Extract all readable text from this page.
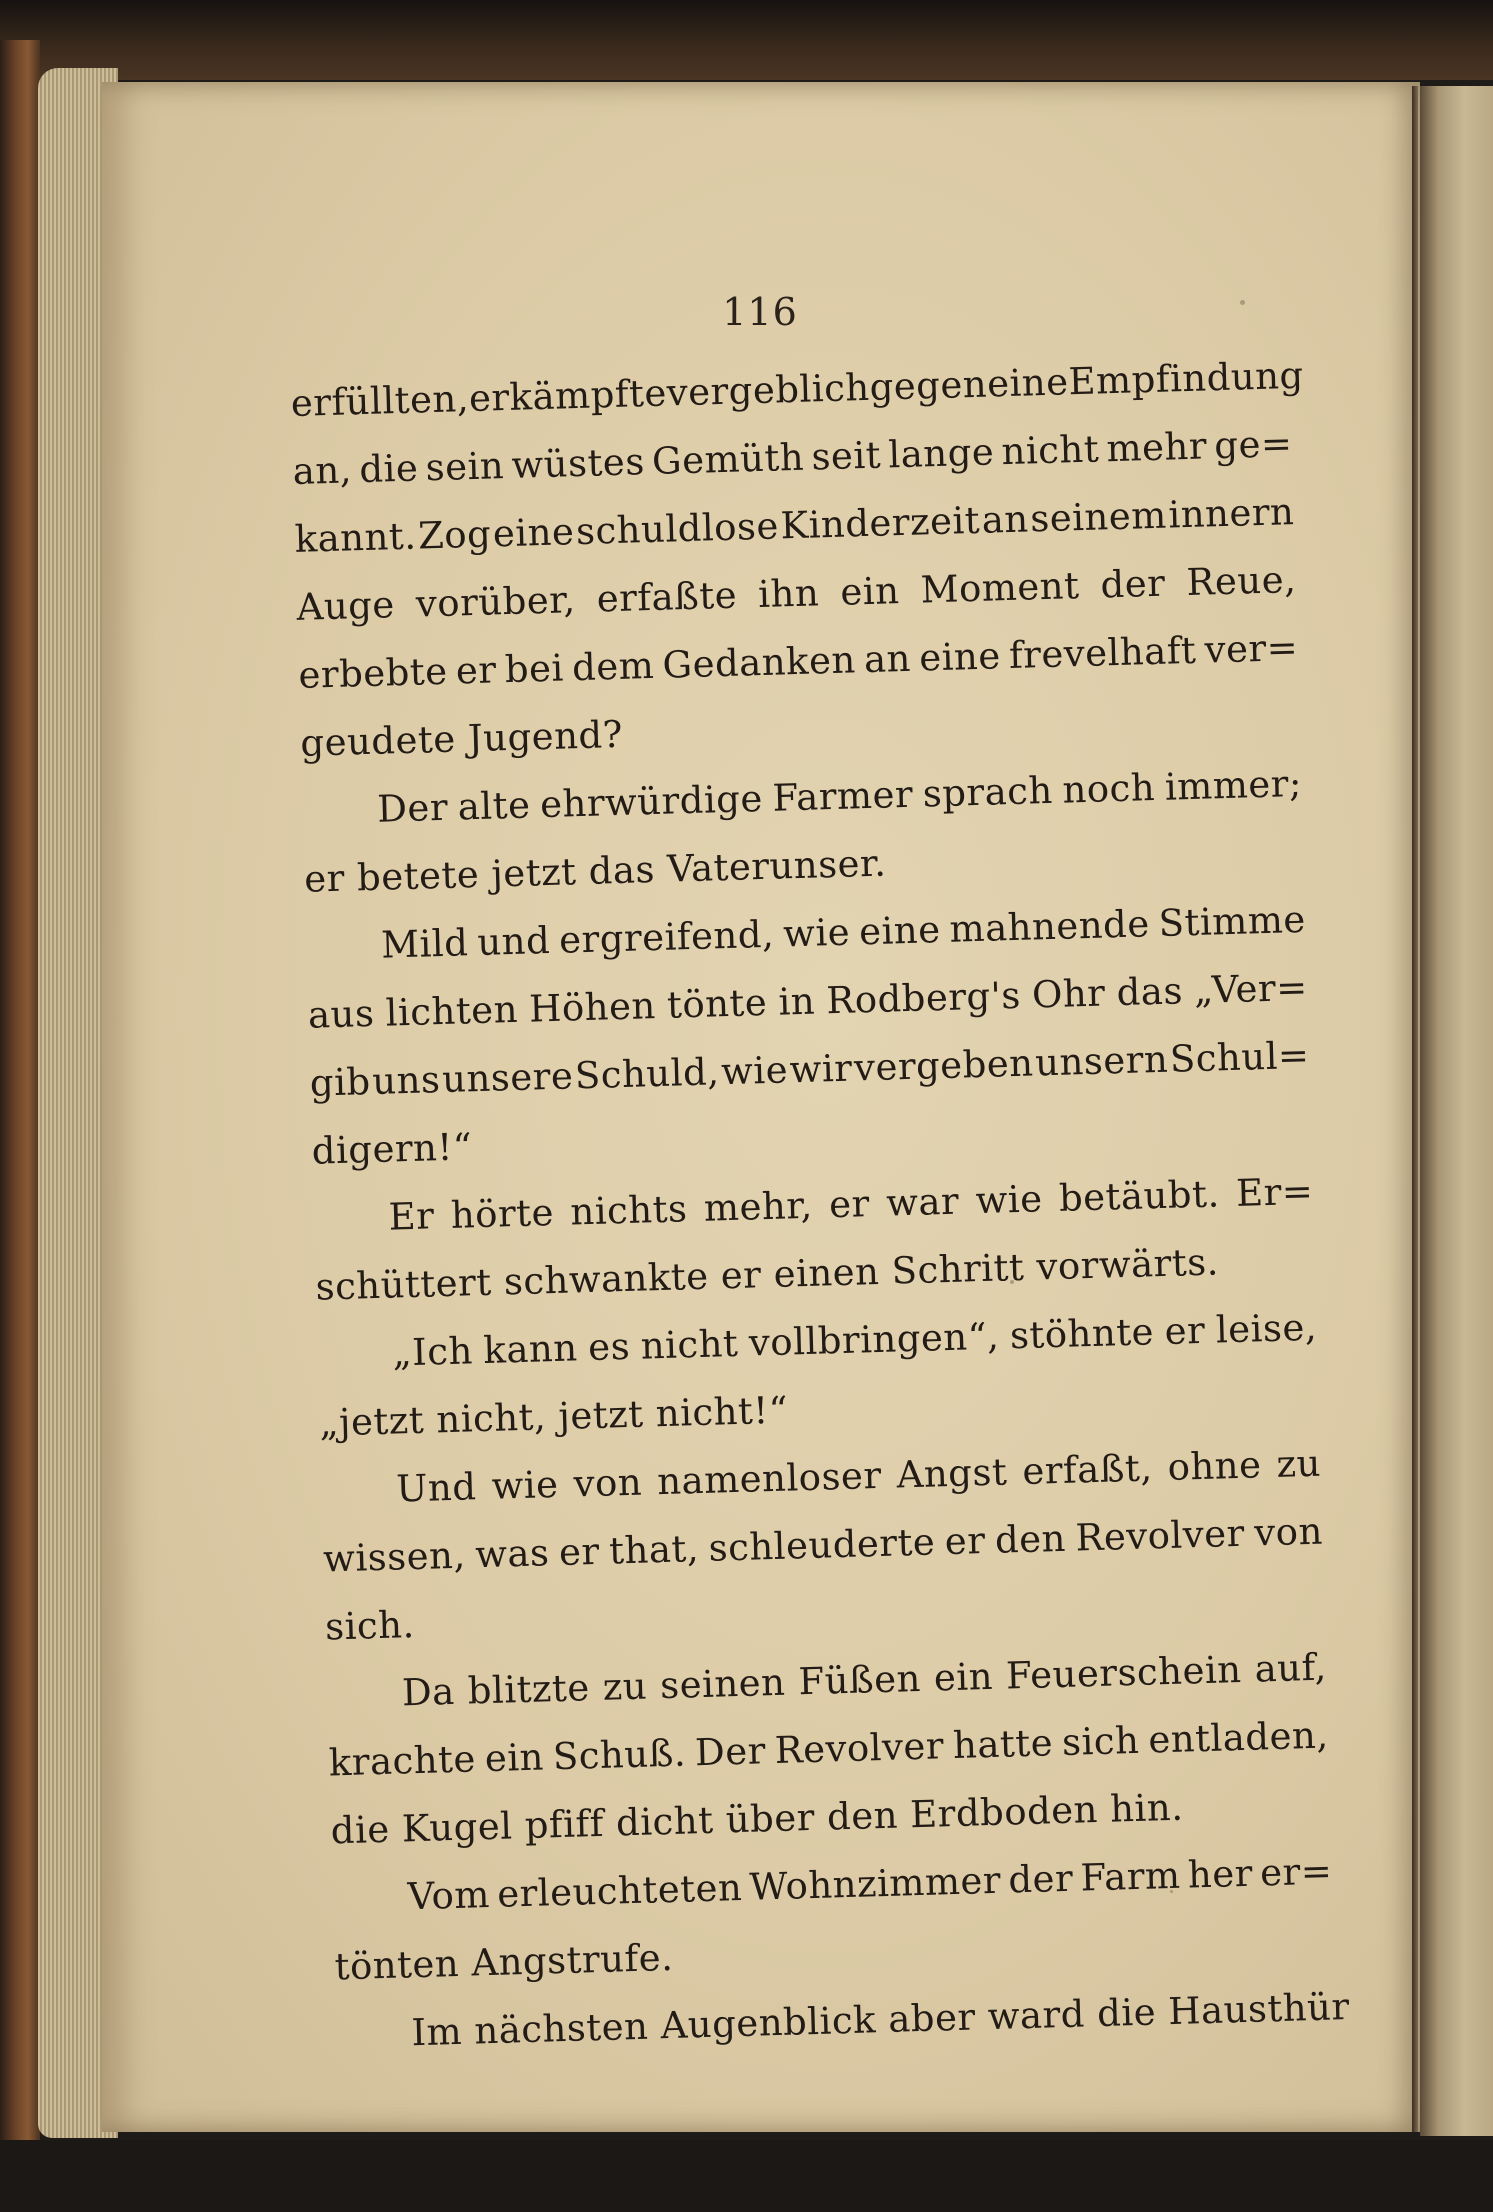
116
erfüllten,
er
kämpfte
vergeblich
gegen
eine
Empfindung
an, die sein wüstes Gemüth seit lange nicht mehr ge=
kannt. Zog eine schuldlose Kinderzeit an seinem innern
Auge vorüber, erfaßte ihn ein Moment der Reue,
erbebte er bei dem Gedanken an eine frevelhaft ver=
geudete Jugend?
Der alte ehrwürdige Farmer sprach noch immer;
er betete jetzt das Vaterunser.
Mild und ergreifend, wie eine mahnende Stimme
aus lichten Höhen tönte in Rodberg's Ohr das „Ver=
gib uns unsere Schuld, wie wir vergeben unsern Schul=
digern!“
Er hörte nichts mehr, er war wie betäubt. Er=
schüttert schwankte er einen Schritt vorwärts.
„Ich kann es nicht vollbringen“, stöhnte er leise,
„jetzt nicht, jetzt nicht!“
Und wie von namenloser Angst erfaßt, ohne zu
wissen, was er that, schleuderte er den Revolver von
sich.
Da blitzte zu seinen Füßen ein Feuerschein auf,
krachte ein Schuß. Der Revolver hatte sich entladen,
die Kugel pfiff dicht über den Erdboden hin.
Vom erleuchteten Wohnzimmer der Farm her er=
tönten Angstrufe.
Im nächsten Augenblick aber ward die Hausthür
